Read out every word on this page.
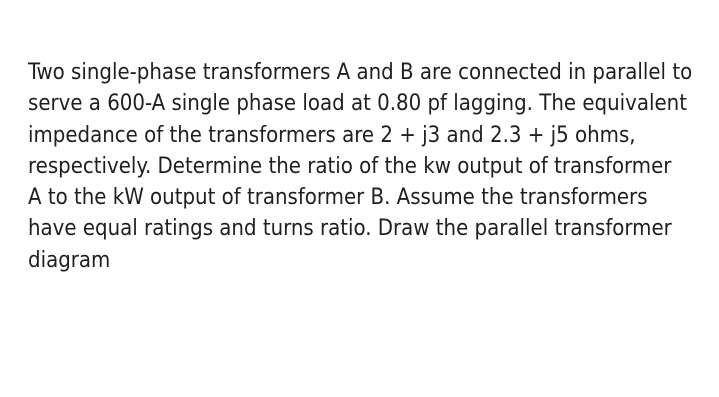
Two single-phase transformers A and B are connected in parallel to
serve a 600-A single phase load at 0.80 pf lagging. The equivalent
impedance of the transformers are 2 + j3 and 2.3 + j5 ohms,
respectively. Determine the ratio of the kw output of transformer
A to the kW output of transformer B. Assume the transformers
have equal ratings and turns ratio. Draw the parallel transformer
diagram
